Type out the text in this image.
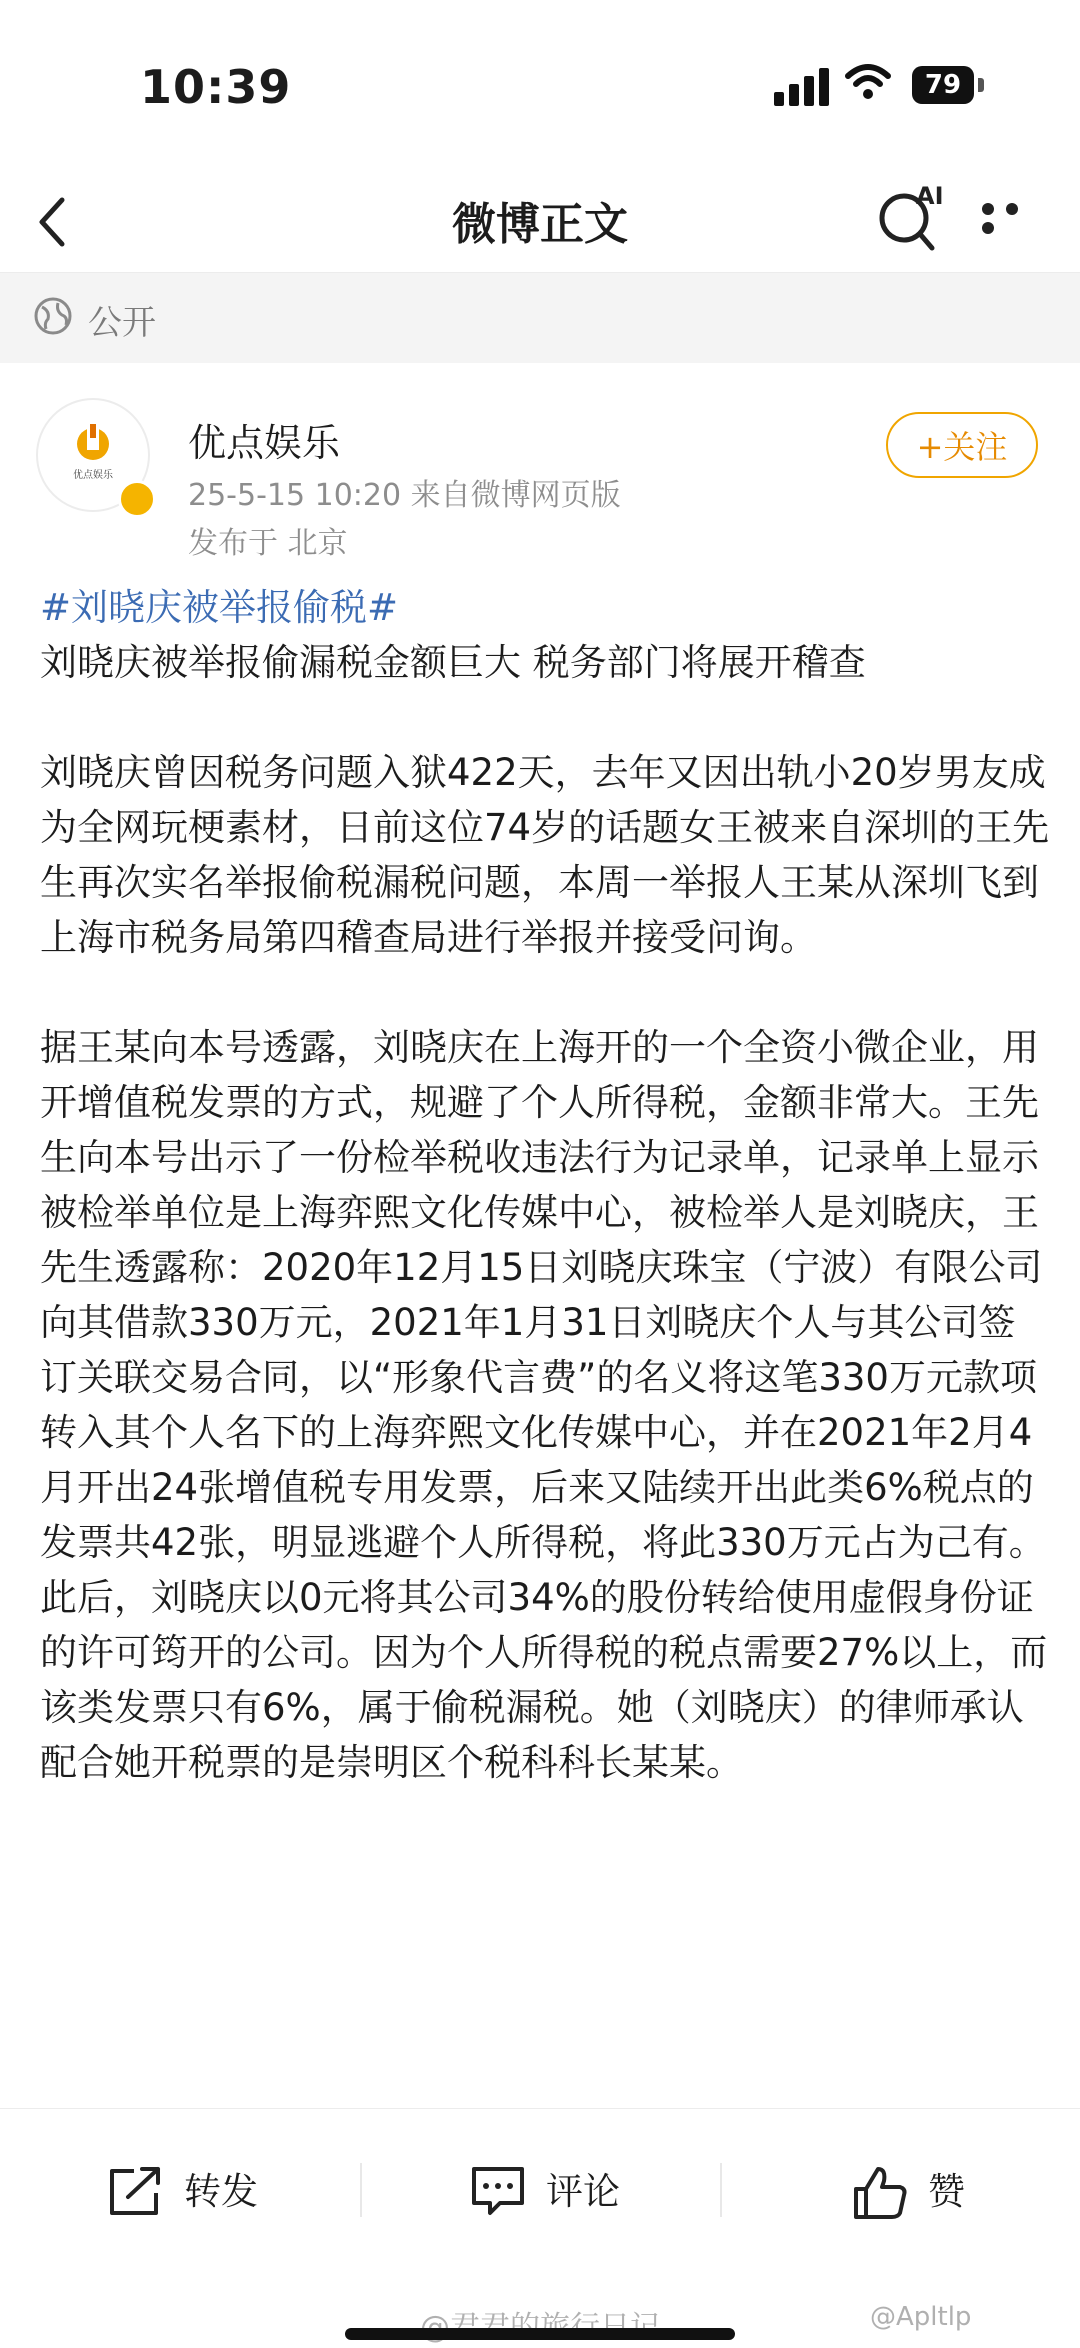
10:39	79
微博正文
AI
公开
优点娱乐
优点娱乐
25-5-15 10:20 来自微博网页版
发布于 北京
+关注

#刘晓庆被举报偷税#

刘晓庆被举报偷漏税金额巨大 税务部门将展开稽查

刘晓庆曾因税务问题入狱422天，去年又因出轨小20岁男友成为全网玩梗素材，日前这位74岁的话题女王被来自深圳的王先生再次实名举报偷税漏税问题，本周一举报人王某从深圳飞到上海市税务局第四稽查局进行举报并接受问询。

据王某向本号透露，刘晓庆在上海开的一个全资小微企业，用开增值税发票的方式，规避了个人所得税，金额非常大。王先生向本号出示了一份检举税收违法行为记录单，记录单上显示被检举单位是上海弈熙文化传媒中心，被检举人是刘晓庆，王先生透露称：2020年12月15日刘晓庆珠宝（宁波）有限公司向其借款330万元，2021年1月31日刘晓庆个人与其公司签订关联交易合同，以“形象代言费”的名义将这笔330万元款项转入其个人名下的上海弈熙文化传媒中心，并在2021年2月4月开出24张增值税专用发票，后来又陆续开出此类6%税点的发票共42张，明显逃避个人所得税，将此330万元占为己有。此后，刘晓庆以0元将其公司34%的股份转给使用虚假身份证的许可筠开的公司。因为个人所得税的税点需要27%以上，而该类发票只有6%，属于偷税漏税。她（刘晓庆）的律师承认配合她开税票的是崇明区个税科科长某某。

转发	评论	赞
@Apltlp
